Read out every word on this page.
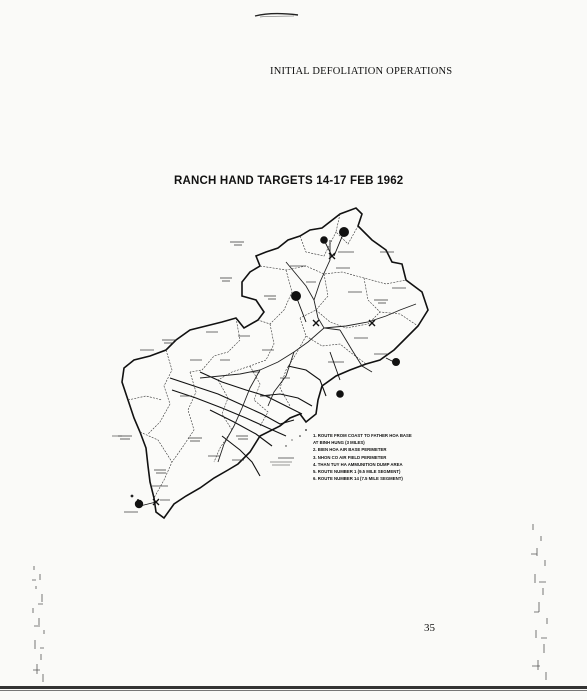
INITIAL DEFOLIATION OPERATIONS
RANCH HAND TARGETS 14-17 FEB 1962
1. ROUTE FROM COAST TO FATHER HOA BASE
AT BINH HUNG (3 MILES)
2. BIEN HOA AIR BASE PERIMETER
3. NHON CO AIR FIELD PERIMETER
4. THAN TUY HA AMMUNITION DUMP AREA
5. ROUTE NUMBER 1 (9.5 MILE SEGMENT)
6. ROUTE NUMBER 14 (7.5 MILE SEGMENT)
35
